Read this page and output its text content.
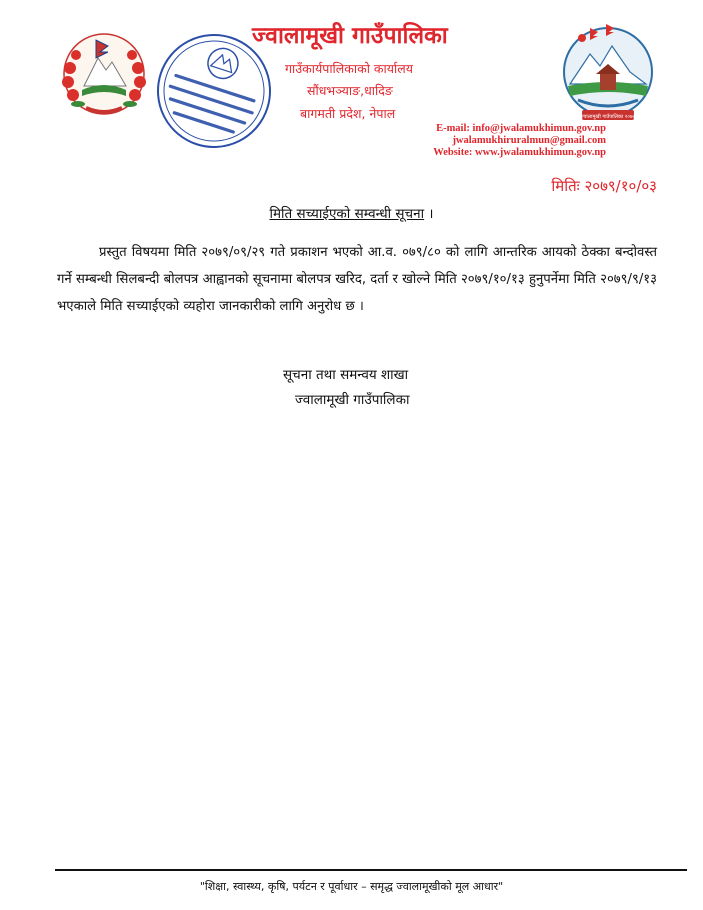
ज्वालामूखी गाउँपालिका २०७४
ज्वालामूखी गाउँपालिका
गाउँकार्यपालिकाको कार्यालय
सौंधभञ्याङ,धादिङ
बागमती प्रदेश, नेपाल
E-mail: info@jwalamukhimun.gov.np
jwalamukhiruralmun@gmail.com
Website: www.jwalamukhimun.gov.np
मितिः २०७९/१०/०३
मिति सच्याईएको सम्वन्धी सूचना ।
प्रस्तुत विषयमा मिति २०७९/०९/२९ गते प्रकाशन भएको आ.व. ०७९/८० को लागि आन्तरिक आयको ठेक्का बन्दोवस्त गर्ने सम्बन्धी सिलबन्दी बोलपत्र आह्वानको सूचनामा बोलपत्र खरिद, दर्ता र खोल्ने मिति २०७९/१०/१३ हुनुपर्नेमा मिति २०७९/९/१३ भएकाले मिति सच्याईएको व्यहोरा जानकारीको लागि अनुरोध छ ।
सूचना तथा समन्वय शाखा
ज्वालामूखी गाउँपालिका
"शिक्षा, स्वास्थ्य, कृषि, पर्यटन र पूर्वाधार – समृद्ध ज्वालामूखीको मूल आधार"
